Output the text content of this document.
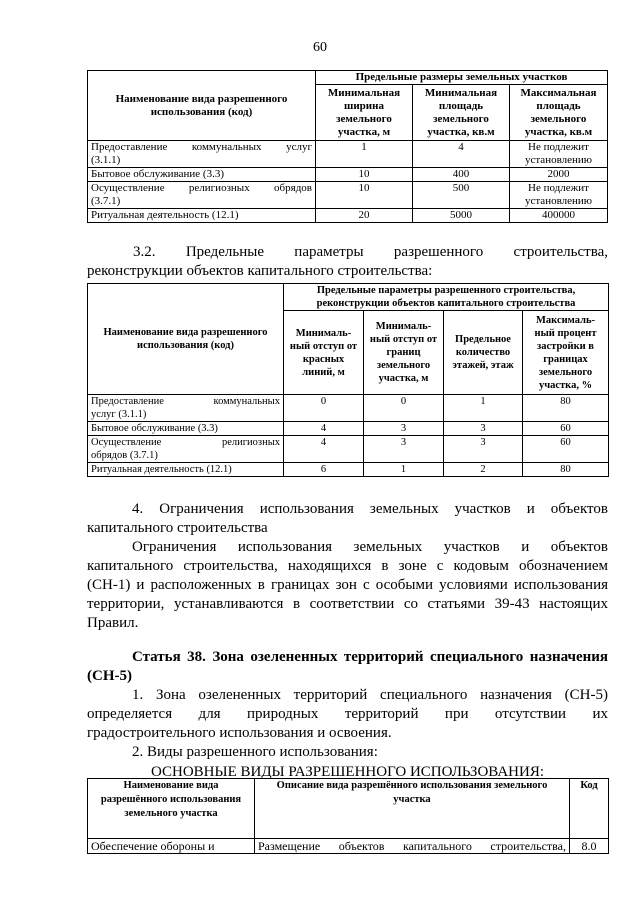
60
Наименование вида разрешенного использования (код)	Предельные размеры земельных участков		
	Минимальная ширина земельного участка, м	Минимальная площадь земельного участка, кв.м	Максимальная площадь земельного участка, кв.м

Предоставление коммунальных услуг
(3.1.1)	1	4	Не подлежит установлению
Бытовое обслуживание (3.3)	10	400	2000

Осуществление религиозных обрядов
(3.7.1)	10	500	Не подлежит установлению
Ритуальная деятельность (12.1)	20	5000	400000
3.2. Предельные параметры разрешенного строительства,
реконструкции объектов капитального строительства:
Наименование вида разрешенного использования (код)	Предельные параметры разрешенного строительства, реконструкции объектов капитального строительства			
	Минималь-ный отступ от красных линий, м	Минималь-ный отступ от границ земельного участка, м	Предельное количество этажей, этаж	Максималь-ный процент застройки в границах земельного участка, %

Предоставление коммунальных
услуг (3.1.1)	0	0	1	80
Бытовое обслуживание (3.3)	4	3	3	60

Осуществление религиозных
обрядов (3.7.1)	4	3	3	60
Ритуальная деятельность (12.1)	6	1	2	80
4. Ограничения использования земельных участков и объектов
капитального строительства
Ограничения использования земельных участков и объектов
капитального строительства, находящихся в зоне с кодовым обозначением
(СН-1) и расположенных в границах зон с особыми условиями использования
территории, устанавливаются в соответствии со статьями 39-43 настоящих
Правил.
Статья 38. Зона озелененных территорий специального назначения
(СН-5)
1. Зона озелененных территорий специального назначения (СН-5)
определяется для природных территорий при отсутствии их
градостроительного использования и освоения.
2. Виды разрешенного использования:
ОСНОВНЫЕ ВИДЫ РАЗРЕШЕННОГО ИСПОЛЬЗОВАНИЯ:
Наименование вида разрешённого использования земельного участка	Описание вида разрешённого использования земельного участка	Код
Обеспечение обороны и	Размещение объектов капитального строительства,	8.0
